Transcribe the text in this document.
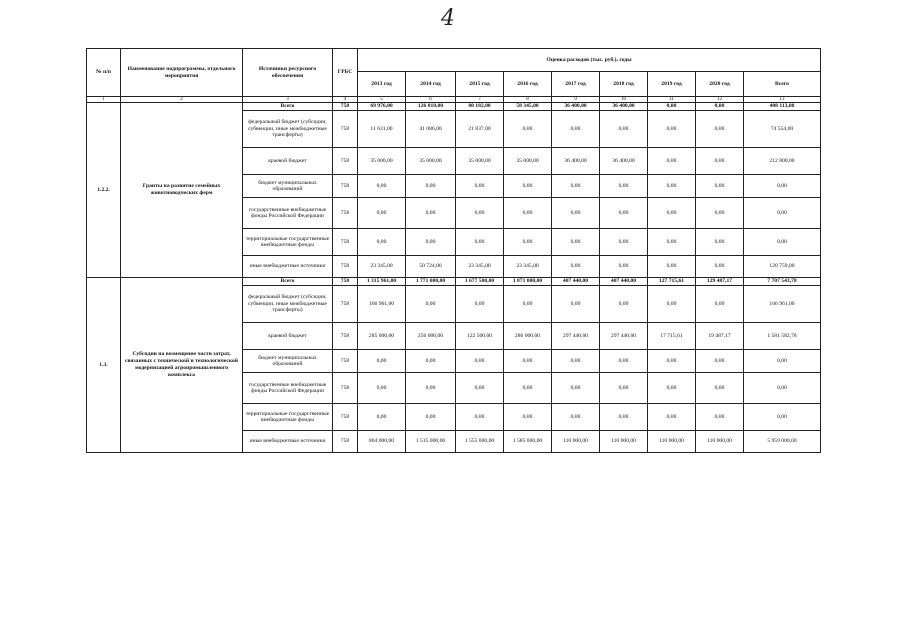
4
№ п/п	Наименование подпрограммы, отдельного мероприятия	Источники ресурсного обеспечения	ГРБС	Оценка расходов (тыс. руб.), годы								
				2013 год	2014 год	2015 год	2016 год	2017 год	2018 год	2019 год	2020 год	Всего
1	2	3	4	5	6	7	8	9	10	11	12	13
1.2.2.	Гранты на развитие семейных животноводческих ферм	Всего	758	69 976,00	126 810,00	80 182,00	58 345,00	36 400,00	36 400,00	0,00	0,00	408 113,00
		федеральный бюджет (субсидии, субвенции, иные межбюджетные трансферты)	758	11 631,00	41 086,00	21 837,00	0,00	0,00	0,00	0,00	0,00	74 554,00
		краевой бюджет	758	35 000,00	35 000,00	35 000,00	35 000,00	36 400,00	36 400,00	0,00	0,00	212 800,00
		бюджет муниципальных образований	758	0,00	0,00	0,00	0,00	0,00	0,00	0,00	0,00	0,00
		государственные внебюджетные фонды Российской Федерации	758	0,00	0,00	0,00	0,00	0,00	0,00	0,00	0,00	0,00
		территориальные государственные внебюджетные фонды	758	0,00	0,00	0,00	0,00	0,00	0,00	0,00	0,00	0,00
		иные внебюджетные источники	758	23 345,00	50 724,00	23 345,00	23 345,00	0,00	0,00	0,00	0,00	120 759,00
1.3.	Субсидии на возмещение части затрат, связанных с технической и технологической модернизацией агропромышленного комплекса	Всего	758	1 315 961,00	1 771 000,00	1 677 500,00	1 871 000,00	407 440,00	407 440,00	127 715,61	129 487,17	7 707 543,78
		федеральный бюджет (субсидии, субвенции, иные межбюджетные трансферты)	758	166 961,00	0,00	0,00	0,00	0,00	0,00	0,00	0,00	166 961,00
		краевой бюджет	758	285 000,00	256 000,00	122 500,00	286 000,00	297 440,00	297 440,00	17 715,61	19 487,17	1 581 582,78
		бюджет муниципальных образований	758	0,00	0,00	0,00	0,00	0,00	0,00	0,00	0,00	0,00
		государственные внебюджетные фонды Российской Федерации	758	0,00	0,00	0,00	0,00	0,00	0,00	0,00	0,00	0,00
		территориальные государственные внебюджетные фонды	758	0,00	0,00	0,00	0,00	0,00	0,00	0,00	0,00	0,00
		иные внебюджетные источники	758	864 000,00	1 515 000,00	1 555 000,00	1 585 000,00	110 000,00	110 000,00	110 000,00	110 000,00	5 959 000,00
